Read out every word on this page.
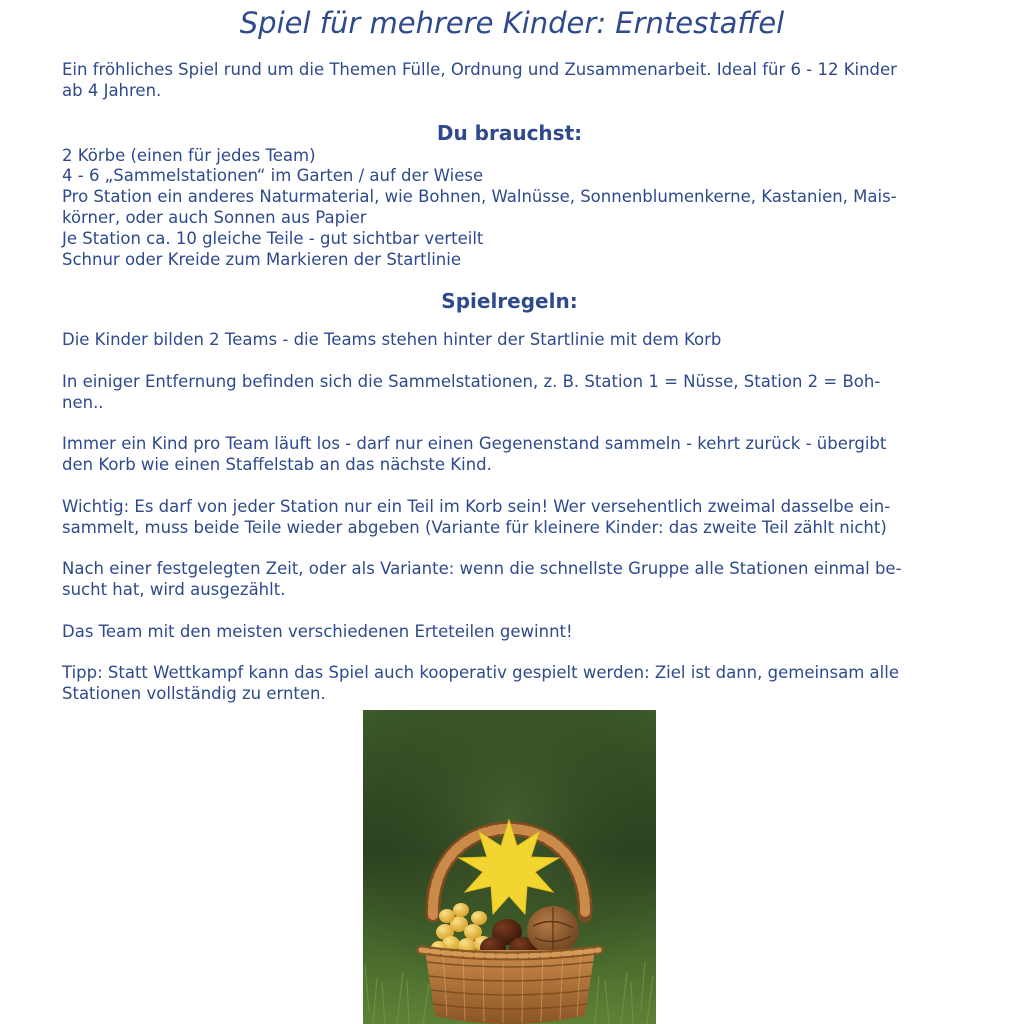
Spiel für mehrere Kinder: Erntestaffel

Ein fröhliches Spiel rund um die Themen Fülle, Ordnung und Zusammenarbeit. Ideal für 6 - 12 Kinder

ab 4 Jahren.

Du brauchst:

2 Körbe (einen für jedes Team)

4 - 6 „Sammelstationen“ im Garten / auf der Wiese

Pro Station ein anderes Naturmaterial, wie Bohnen, Walnüsse, Sonnenblumenkerne, Kastanien, Mais-

körner, oder auch Sonnen aus Papier

Je Station ca. 10 gleiche Teile - gut sichtbar verteilt

Schnur oder Kreide zum Markieren der Startlinie

Spielregeln:

Die Kinder bilden 2 Teams - die Teams stehen hinter der Startlinie mit dem Korb

In einiger Entfernung befinden sich die Sammelstationen, z. B. Station 1 = Nüsse, Station 2 = Boh-

nen..

Immer ein Kind pro Team läuft los - darf nur einen Gegenenstand sammeln - kehrt zurück - übergibt

den Korb wie einen Staffelstab an das nächste Kind.

Wichtig: Es darf von jeder Station nur ein Teil im Korb sein! Wer versehentlich zweimal dasselbe ein-

sammelt, muss beide Teile wieder abgeben (Variante für kleinere Kinder: das zweite Teil zählt nicht)

Nach einer festgelegten Zeit, oder als Variante: wenn die schnellste Gruppe alle Stationen einmal be-

sucht hat, wird ausgezählt.

Das Team mit den meisten verschiedenen Erteteilen gewinnt!

Tipp: Statt Wettkampf kann das Spiel auch kooperativ gespielt werden: Ziel ist dann, gemeinsam alle

Stationen vollständig zu ernten.
